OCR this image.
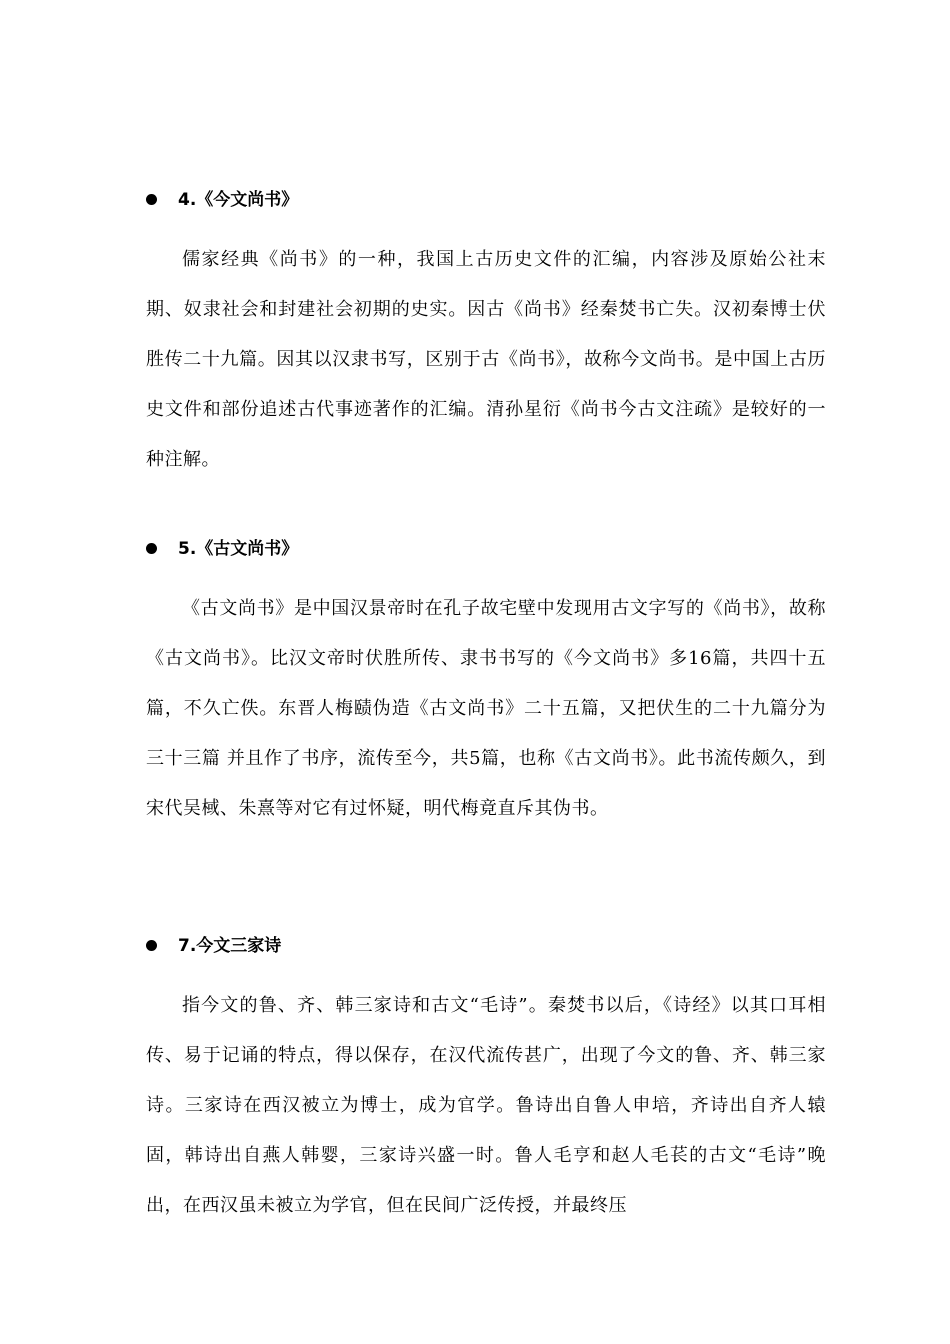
4.《今文尚书》
儒家经典《尚书》的一种，我国上古历史文件的汇编，内容涉及原始公社末期、奴隶社会和封建社会初期的史实。因古《尚书》经秦焚书亡失。汉初秦博士伏胜传二十九篇。因其以汉隶书写，区别于古《尚书》，故称今文尚书。是中国上古历史文件和部份追述古代事迹著作的汇编。清孙星衍《尚书今古文注疏》是较好的一种注解。
5.《古文尚书》
《古文尚书》是中国汉景帝时在孔子故宅壁中发现用古文字写的《尚书》，故称《古文尚书》。比汉文帝时伏胜所传、隶书书写的《今文尚书》多16篇，共四十五篇，不久亡佚。东晋人梅赜伪造《古文尚书》二十五篇，又把伏生的二十九篇分为三十三篇 并且作了书序，流传至今，共5篇，也称《古文尚书》。此书流传颇久，到宋代吴棫、朱熹等对它有过怀疑，明代梅竟直斥其伪书。
7.今文三家诗
指今文的鲁、齐、韩三家诗和古文“毛诗”。秦焚书以后，《诗经》以其口耳相传、易于记诵的特点，得以保存，在汉代流传甚广，出现了今文的鲁、齐、韩三家诗。三家诗在西汉被立为博士，成为官学。鲁诗出自鲁人申培，齐诗出自齐人辕固，韩诗出自燕人韩婴，三家诗兴盛一时。鲁人毛亨和赵人毛苌的古文“毛诗”晚出，在西汉虽未被立为学官，但在民间广泛传授，并最终压
